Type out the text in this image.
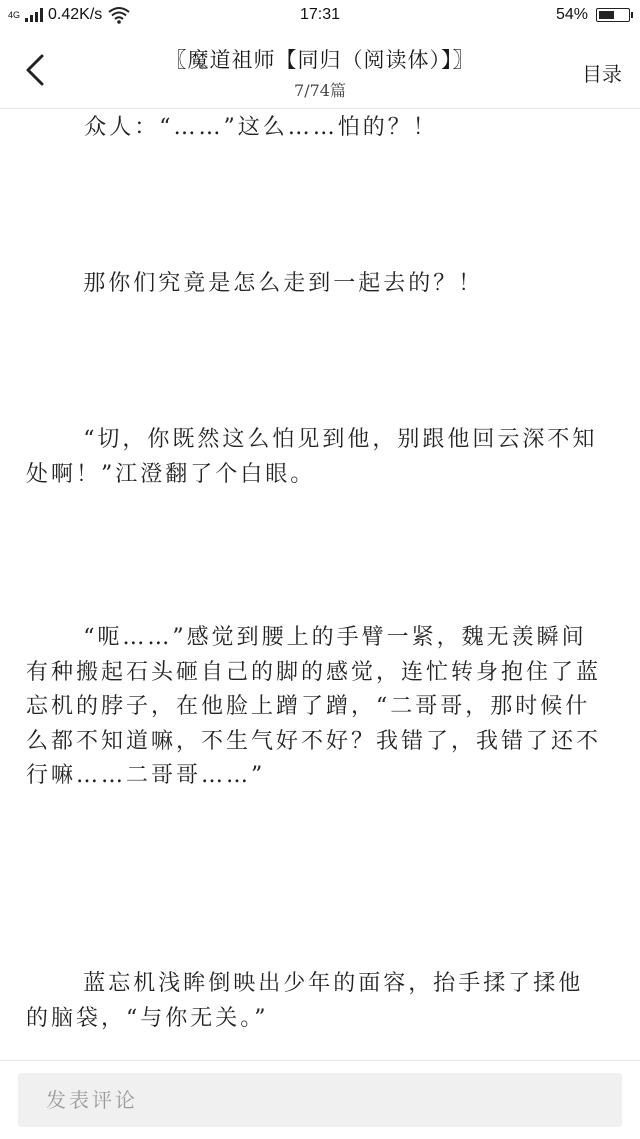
4G 0.42K/s	17:31	54%
〖魔道祖师【同归（阅读体）】〗
7/74篇
目录

众人：“……”这么……怕的？！

那你们究竟是怎么走到一起去的？！

“切，你既然这么怕见到他，别跟他回云深不知处啊！”江澄翻了个白眼。

“呃……”感觉到腰上的手臂一紧，魏无羡瞬间有种搬起石头砸自己的脚的感觉，连忙转身抱住了蓝忘机的脖子，在他脸上蹭了蹭，“二哥哥，那时候什么都不知道嘛，不生气好不好？我错了，我错了还不行嘛……二哥哥……”

蓝忘机浅眸倒映出少年的面容，抬手揉了揉他的脑袋，“与你无关。”

发表评论
